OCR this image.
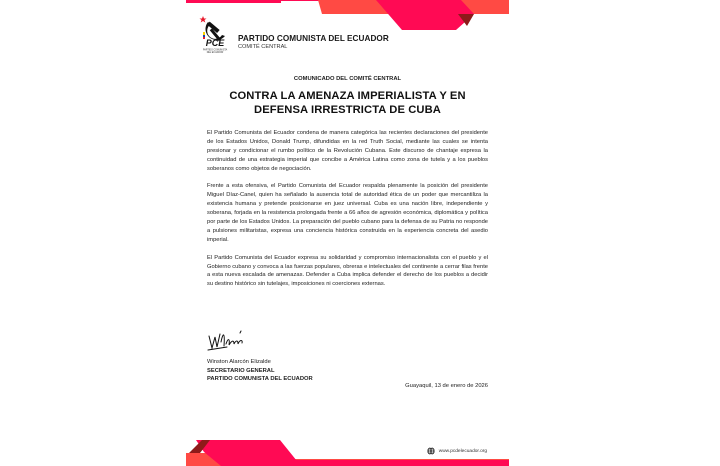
PCE
PARTIDO COMUNISTA
DEL ECUADOR
PARTIDO COMUNISTA DEL ECUADOR
COMITÉ CENTRAL
COMUNICADO DEL COMITÉ CENTRAL
CONTRA LA AMENAZA IMPERIALISTA Y EN
DEFENSA IRRESTRICTA DE CUBA

El Partido Comunista del Ecuador condena de manera categórica las recientes declaraciones del presidente de los Estados Unidos, Donald Trump, difundidas en la red Truth Social, mediante las cuales se intenta presionar y condicionar el rumbo político de la Revolución Cubana. Este discurso de chantaje expresa la continuidad de una estrategia imperial que concibe a América Latina como zona de tutela y a los pueblos soberanos como objetos de negociación.

Frente a esta ofensiva, el Partido Comunista del Ecuador respalda plenamente la posición del presidente Miguel Díaz-Canel, quien ha señalado la ausencia total de autoridad ética de un poder que mercantiliza la existencia humana y pretende posicionarse en juez universal. Cuba es una nación libre, independiente y soberana, forjada en la resistencia prolongada frente a 66 años de agresión económica, diplomática y política por parte de los Estados Unidos. La preparación del pueblo cubano para la defensa de su Patria no responde a pulsiones militaristas, expresa una conciencia histórica construida en la experiencia concreta del asedio imperial.

El Partido Comunista del Ecuador expresa su solidaridad y compromiso internacionalista con el pueblo y el Gobierno cubano y convoca a las fuerzas populares, obreras e intelectuales del continente a cerrar filas frente a esta nueva escalada de amenazas. Defender a Cuba implica defender el derecho de los pueblos a decidir su destino histórico sin tutelajes, imposiciones ni coerciones externas.

Winston Alarcón Elizalde
SECRETARIO GENERAL
PARTIDO COMUNISTA DEL ECUADOR
Guayaquil, 13 de enero de 2026
www.pcdelecuador.org
